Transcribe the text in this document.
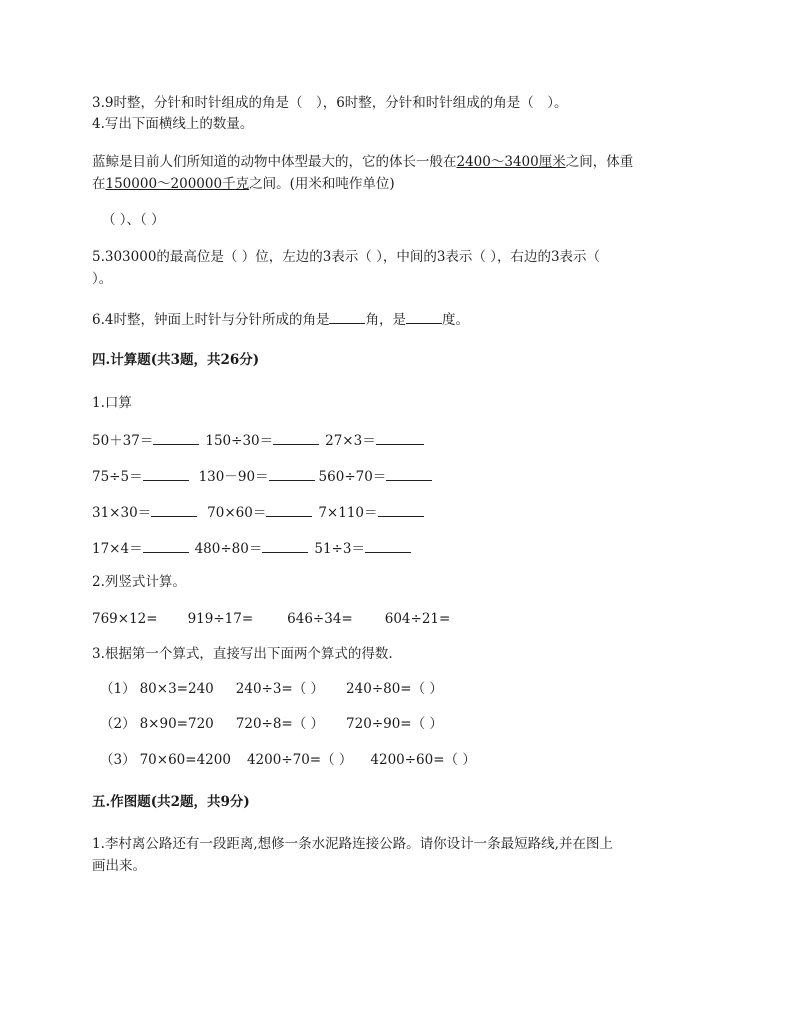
3.9时整，分针和时针组成的角是（　），6时整，分针和时针组成的角是（　）。
4.写出下面横线上的数量。
蓝鲸是目前人们所知道的动物中体型最大的，它的体长一般在2400～3400厘米之间，体重
在150000～200000千克之间。(用米和吨作单位)
（ ）、（ ）
5.303000的最高位是（ ）位，左边的3表示（ ），中间的3表示（ ），右边的3表示（
）。
6.4时整，钟面上时针与分针所成的角是	角，是	度。
四.计算题(共3题，共26分)
1.口算
50＋37＝	150÷30＝	27×3＝
75÷5＝	130－90＝	560÷70＝
31×30＝	70×60＝	7×110＝
17×4＝	480÷80＝	51÷3＝
2.列竖式计算。
769×12= 919÷17=	646÷34= 604÷21=
3.根据第一个算式，直接写出下面两个算式的得数.
（1） 80×3=240 240÷3=（ ） 240÷80=（ ）
（2） 8×90=720 720÷8=（ ） 720÷90=（ ）
（3） 70×60=4200 4200÷70=（ ） 4200÷60=（ ）
五.作图题(共2题，共9分)
1.李村离公路还有一段距离,想修一条水泥路连接公路。请你设计一条最短路线,并在图上
画出来。
